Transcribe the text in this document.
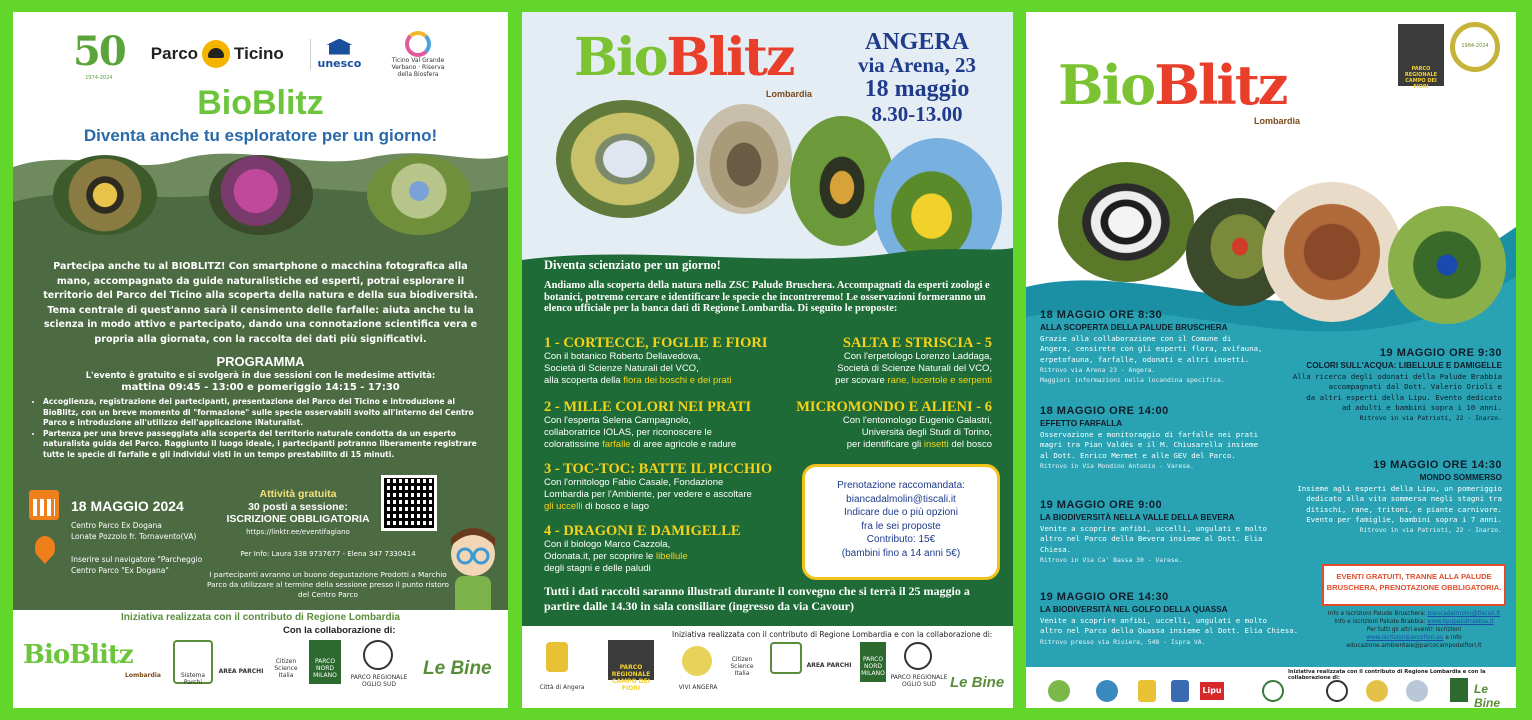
50
1974-2024
Parco Ticino	unesco	Ticino Val Grande Verbano · Riserva della Biosfera
BioBlitz
Diventa anche tu esploratore per un giorno!
Partecipa anche tu al BIOBLITZ! Con smartphone o macchina fotografica alla mano, accompagnato da guide naturalistiche ed esperti, potrai esplorare il territorio del Parco del Ticino alla scoperta della natura e della sua biodiversità. Tema centrale di quest'anno sarà il censimento delle farfalle: aiuta anche tu la scienza in modo attivo e partecipato, dando una connotazione scientifica vera e propria alla giornata, con la raccolta dei dati più significativi.
PROGRAMMA
L'evento è gratuito e si svolgerà in due sessioni con le medesime attività:
mattina 09:45 - 13:00 e pomeriggio 14:15 - 17:30
• Accoglienza, registrazione dei partecipanti, presentazione del Parco del Ticino e introduzione al BioBlitz, con un breve momento di "formazione" sulle specie osservabili svolto all'interno del Centro Parco e introduzione all'utilizzo dell'applicazione iNaturalist.
• Partenza per una breve passeggiata alla scoperta del territorio naturale condotta da un esperto naturalista guida del Parco. Raggiunto il luogo ideale, i partecipanti potranno liberamente registrare tutte le specie di farfalle e gli individui visti in un tempo prestabilito di 15 minuti.
18 MAGGIO 2024
Centro Parco Ex Dogana
Lonate Pozzolo fr. Tornavento(VA)
Inserire sul navigatore "Parcheggio
Centro Parco "Ex Dogana"
Attività gratuita
30 posti a sessione:
ISCRIZIONE OBBLIGATORIA
https://linktr.ee/eventifagiano
Per Info: Laura 338 9737677 - Elena 347 7330414
I partecipanti avranno un buono degustazione Prodotti a Marchio Parco da utilizzare al termine della sessione presso il punto ristoro del Centro Parco
Iniziativa realizzata con il contributo di Regione Lombardia
Con la collaborazione di:
BioBlitz
Lombardia	Sistema Parchi
AREA PARCHI
Citizen Science Italia
PARCO NORD MILANO	PARCO REGIONALE OGLIO SUD
Le Bine
BioBlitz
Lombardia
ANGERA
via Arena, 23
18 maggio
8.30-13.00
Diventa scienziato per un giorno!
Andiamo alla scoperta della natura nella ZSC Palude Bruschera. Accompagnati da esperti zoologi e botanici, potremo cercare e identificare le specie che incontreremo! Le osservazioni formeranno un elenco ufficiale per la banca dati di Regione Lombardia. Di seguito le proposte:
1 - CORTECCE, FOGLIE E FIORI
Con il botanico Roberto Dellavedova,
Società di Scienze Naturali del VCO,
alla scoperta della flora dei boschi e dei prati
2 - MILLE COLORI NEI PRATI
Con l'esperta Selena Campagnolo,
collaboratrice IOLAS, per riconoscere le
coloratissime farfalle di aree agricole e radure
3 - TOC-TOC: BATTE IL PICCHIO
Con l'ornitologo Fabio Casale, Fondazione
Lombardia per l'Ambiente, per vedere e ascoltare
gli uccelli di bosco e lago
4 - DRAGONI E DAMIGELLE
Con il biologo Marco Cazzola,
Odonata.it, per scoprire le libellule
degli stagni e delle paludi
SALTA E STRISCIA - 5
Con l'erpetologo Lorenzo Laddaga,
Società di Scienze Naturali del VCO,
per scovare rane, lucertole e serpenti
MICROMONDO E ALIENI - 6
Con l'entomologo Eugenio Galastri,
Università degli Studi di Torino,
per identificare gli insetti del bosco
Prenotazione raccomandata:
biancadalmolin@tiscali.it
Indicare due o più opzioni
fra le sei proposte
Contributo: 15€
(bambini fino a 14 anni 5€)
Tutti i dati raccolti saranno illustrati durante il convegno che si terrà il 25 maggio a partire dalle 14.30 in sala consiliare (ingresso da via Cavour)
Iniziativa realizzata con il contributo di Regione Lombardia e con la collaborazione di:
Città di Angera
PARCO REGIONALE CAMPO DEI FIORI	VIVI ANGERA
Citizen Science Italia
AREA PARCHI
PARCO NORD MILANO
PARCO REGIONALE OGLIO SUD Le Bine
BioBlitz
Lombardia
PARCO REGIONALE CAMPO DEI FIORI
1984-2024
18 MAGGIO ORE 8:30
ALLA SCOPERTA DELLA PALUDE BRUSCHERA
Grazie alla collaborazione con il Comune di
Angera, censirete con gli esperti flora, avifauna,
erpetofauna, farfalle, odonati e altri insetti.
Ritrovo via Arena 23 - Angera.
Maggiori informazioni nella locandina specifica.
18 MAGGIO ORE 14:00
EFFETTO FARFALLA
Osservazione e monitoraggio di farfalle nei prati
magri tra Pian Valdès e il M. Chiusarella insieme
al Dott. Enrico Mermet e alle GEV del Parco.
Ritrovo in Via Mondino Antonio - Varese.
19 MAGGIO ORE 9:00
LA BIODIVERSITÀ NELLA VALLE DELLA BEVERA
Venite a scoprire anfibi, uccelli, ungulati e molto
altro nel Parco della Bevera insieme al Dott. Elia
Chiesa.
Ritrovo in Via Ca' Bassa 30 - Varese.
19 MAGGIO ORE 14:30
LA BIODIVERSITÀ NEL GOLFO DELLA QUASSA
Venite a scoprire anfibi, uccelli, ungulati e molto
altro nel Parco della Quassa insieme al Dott. Elia Chiesa.
Ritrovo presso via Riviera, 548 - Ispra VA.
19 MAGGIO ORE 9:30
COLORI SULL'ACQUA: LIBELLULE E DAMIGELLE
Alla ricerca degli odonati della Palude Brabbia
accompagnati dal Dott. Valerio Orioli e
da altri esperti della Lipu. Evento dedicato
ad adulti e bambini sopra i 10 anni.
Ritrovo in via Patrioti, 22 - Inarzo.
19 MAGGIO ORE 14:30
MONDO SOMMERSO
Insieme agli esperti della Lipu, un pomeriggio
dedicato alla vita sommersa negli stagni tra
ditischi, rane, tritoni, e piante carnivore.
Evento per famiglie, bambini sopra i 7 anni.
Ritrovo in via Patrioti, 22 - Inarzo.
EVENTI GRATUITI, TRANNE ALLA PALUDE
BRUSCHERA, PRENOTAZIONE OBBLIGATORIA.
Info e iscrizioni Palude Bruschera: biancadalmolin@tiscali.it
Info e iscrizioni Palude Brabbia: www.lipupalubrabbia.it
Per tutti gli altri eventi: iscrizioni
www.iscrizioniparcofiori.eu e info
educazione.ambientale@parcocampodeifiori.it
Iniziativa realizzata con il contributo di Regione Lombardia e con la collaborazione di:
Lipu	Le Bine
